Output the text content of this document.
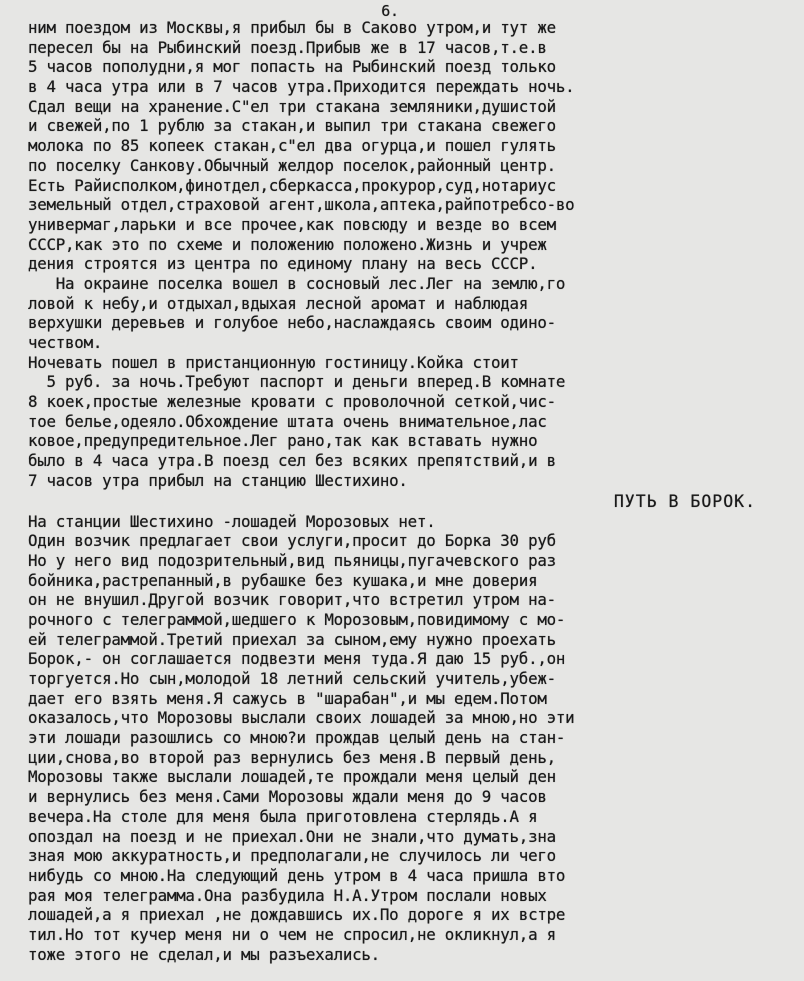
6.
ним поездом из Москвы,я прибыл бы в Саково утром,и тут же
пересел бы на Рыбинский поезд.Прибыв же в 17 часов,т.е.в
5 часов пополудни,я мог попасть на Рыбинский поезд только
в 4 часа утра или в 7 часов утра.Приходится переждать ночь.
Сдал вещи на хранение.С"ел три стакана земляники,душистой
и свежей,по 1 рублю за стакан,и выпил три стакана свежего
молока по 85 копеек стакан,с"ел два огурца,и пошел гулять
по поселку Санкову.Обычный желдор поселок,районный центр.
Есть Райисполком,финотдел,сберкасса,прокурор,суд,нотариус
земельный отдел,страховой агент,школа,аптека,райпотребсо-во
универмаг,ларьки и все прочее,как повсюду и везде во всем
СССР,как это по схеме и положению положено.Жизнь и учреж
дения строятся из центра по единому плану на весь СССР.
На окраине поселка вошел в сосновый лес.Лег на землю,го
ловой к небу,и отдыхал,вдыхая лесной аромат и наблюдая
верхушки деревьев и голубое небо,наслаждаясь своим одино-
чеством.
Ночевать пошел в пристанционную гостиницу.Койка стоит
5 руб. за ночь.Требуют паспорт и деньги вперед.В комнате
8 коек,простые железные кровати с проволочной сеткой,чис-
тое белье,одеяло.Обхождение штата очень внимательное,лас
ковое,предупредительное.Лег рано,так как вставать нужно
было в 4 часа утра.В поезд сел без всяких препятствий,и в
7 часов утра прибыл на станцию Шестихино.
ПУТЬ В БОРОК.
На станции Шестихино -лошадей Морозовых нет.
Один возчик предлагает свои услуги,просит до Борка 30 руб
Но у него вид подозрительный,вид пьяницы,пугачевского раз
бойника,растрепанный,в рубашке без кушака,и мне доверия
он не внушил.Другой возчик говорит,что встретил утром на-
рочного с телеграммой,шедшего к Морозовым,повидимому с мо-
ей телеграммой.Третий приехал за сыном,ему нужно проехать
Борок,- он соглашается подвезти меня туда.Я даю 15 руб.,он
торгуется.Но сын,молодой 18 летний сельский учитель,убеж-
дает его взять меня.Я сажусь в "шарабан",и мы едем.Потом
оказалось,что Морозовы выслали своих лошадей за мною,но эти
эти лошади разошлись со мною?и прождав целый день на стан-
ции,снова,во второй раз вернулись без меня.В первый день,
Морозовы также выслали лошадей,те прождали меня целый ден
и вернулись без меня.Сами Морозовы ждали меня до 9 часов
вечера.На столе для меня была приготовлена стерлядь.А я
опоздал на поезд и не приехал.Они не знали,что думать,зна
зная мою аккуратность,и предполагали,не случилось ли чего
нибудь со мною.На следующий день утром в 4 часа пришла вто
рая моя телеграмма.Она разбудила Н.А.Утром послали новых
лошадей,а я приехал ,не дождавшись их.По дороге я их встре
тил.Но тот кучер меня ни о чем не спросил,не окликнул,а я
тоже этого не сделал,и мы разъехались.
